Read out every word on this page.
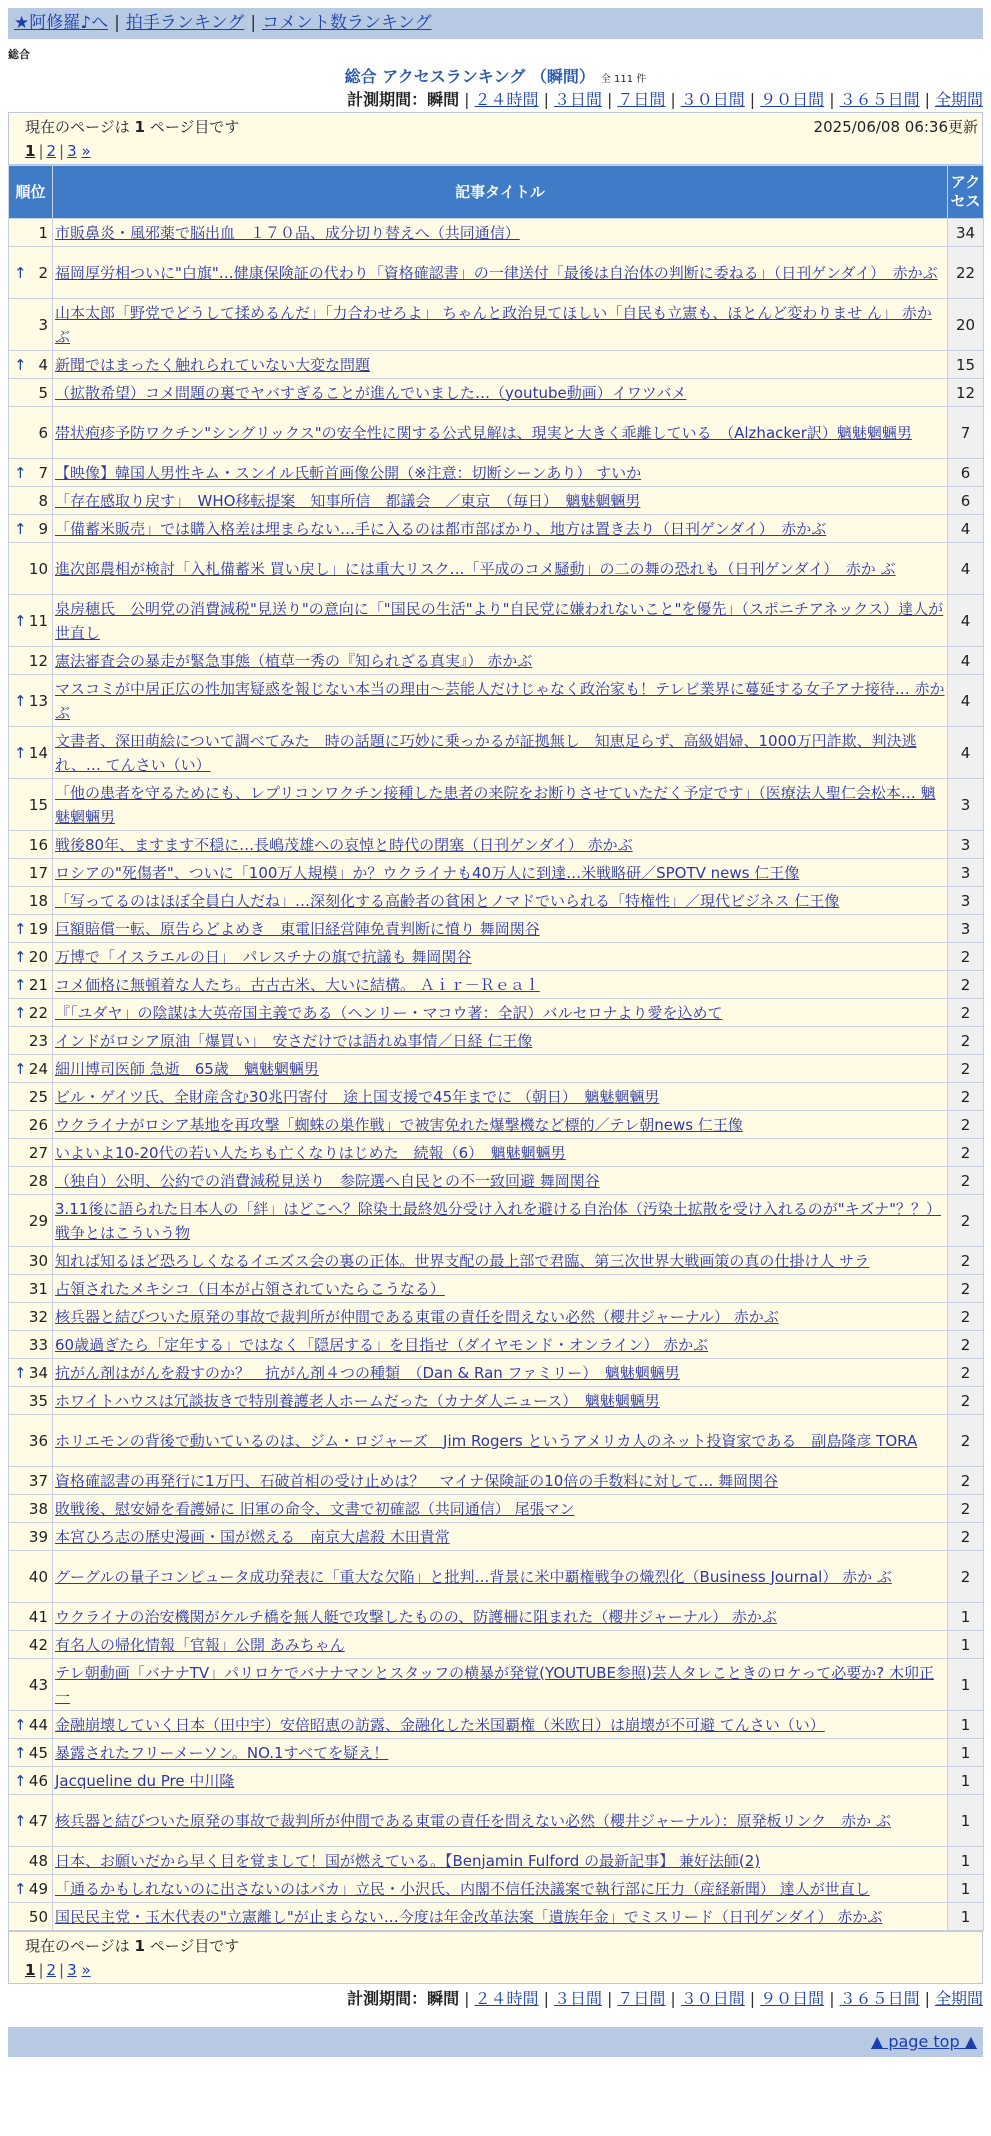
★阿修羅♪へ | 拍手ランキング | コメント数ランキング
総合
総合 アクセスランキング （瞬間） 全 111 件
計測期間：瞬間 | ２４時間 | ３日間 | ７日間 | ３０日間 | ９０日間 | ３６５日間 | 全期間
現在のページは 1 ページ目です	2025/06/08 06:36更新
1 | 2 | 3 »
順位	記事タイトル	アクセス
1	市販鼻炎・風邪薬で脳出血　１７０品、成分切り替えへ（共同通信）	34

↑ 2	福岡厚労相ついに"白旗"…健康保険証の代わり「資格確認書」の一律送付「最後は自治体の判断に委ねる」（日刊ゲンダイ）　赤かぶ	22
3	山本太郎「野党でどうして揉めるんだ」「力合わせろよ」 ちゃんと政治見てほしい「自民も立憲も、ほとんど変わりませ ん」 赤かぶ	20

↑ 4	新聞ではまったく触れられていない大変な問題	15
5	（拡散希望）コメ問題の裏でヤバすぎることが進んでいました…（youtube動画）イワツバメ	12
6	帯状疱疹予防ワクチン"シングリックス"の安全性に関する公式見解は、現実と大きく乖離している　（Alzhacker訳）魑魅魍魎男	7

↑ 7	【映像】韓国人男性キム・スンイル氏斬首画像公開（※注意：切断シーンあり） すいか	6
8	「存在感取り戻す」　WHO移転提案　知事所信　都議会　／東京　（毎日）　魑魅魍魎男	6

↑ 9	「備蓄米販売」では購入格差は埋まらない…手に入るのは都市部ばかり、地方は置き去り（日刊ゲンダイ）　赤かぶ	4
10	進次郎農相が検討「入札備蓄米 買い戻し」には重大リスク…「平成のコメ騒動」の二の舞の恐れも（日刊ゲンダイ）　赤か ぶ	4

↑ 11	泉房穂氏　公明党の消費減税"見送り"の意向に「"国民の生活"より"自民党に嫌われないこと"を優先」（スポニチアネックス）達人が世直し	4
12	憲法審査会の暴走が緊急事態（植草一秀の『知られざる真実』） 赤かぶ	4

↑ 13	マスコミが中居正広の性加害疑惑を報じない本当の理由～芸能人だけじゃなく政治家も！テレビ業界に蔓延する女子アナ接待… 赤かぶ	4

↑ 14	文書者、深田萌絵について調べてみた　時の話題に巧妙に乗っかるが証拠無し　知恵足らず、高級娼婦、1000万円詐欺、判決逃れ、… てんさい（い）	4
15	「他の患者を守るためにも、レプリコンワクチン接種した患者の来院をお断りさせていただく予定です」（医療法人聖仁会松本… 魑魅魍魎男	3
16	戦後80年、ますます不穏に…長嶋茂雄への哀悼と時代の閉塞（日刊ゲンダイ） 赤かぶ	3
17	ロシアの"死傷者"、ついに「100万人規模」か？ウクライナも40万人に到達…米戦略研／SPOTV news 仁王像	3
18	「写ってるのはほぼ全員白人だね」…深刻化する高齢者の貧困とノマドでいられる「特権性」／現代ビジネス 仁王像	3

↑ 19	巨額賠償一転、原告らどよめき　東電旧経営陣免責判断に憤り 舞岡関谷	3

↑ 20	万博で「イスラエルの日」　パレスチナの旗で抗議も 舞岡関谷	2

↑ 21	コメ価格に無頓着な人たち。古古古米、大いに結構。 Ａｉｒ－Ｒｅａｌ	2

↑ 22	『「ユダヤ」の陰謀は大英帝国主義である（ヘンリー・マコウ著：全訳）バルセロナより愛を込めて	2
23	インドがロシア原油「爆買い」　安さだけでは語れぬ事情／日経 仁王像	2

↑ 24	細川博司医師 急逝　65歳　魑魅魍魎男	2
25	ビル・ゲイツ氏、全財産含む30兆円寄付　途上国支援で45年までに （朝日）　魑魅魍魎男	2
26	ウクライナがロシア基地を再攻撃「蜘蛛の巣作戦」で被害免れた爆撃機など標的／テレ朝news 仁王像	2
27	いよいよ10-20代の若い人たちも亡くなりはじめた　続報（6）　魑魅魍魎男	2
28	（独自）公明、公約での消費減税見送り　参院選へ自民との不一致回避 舞岡関谷	2
29	3.11後に語られた日本人の「絆」はどこへ？除染土最終処分受け入れを避ける自治体（汚染土拡散を受け入れるのが"キズナ"？？）戦争とはこういう物	2
30	知れば知るほど恐ろしくなるイエズス会の裏の正体。世界支配の最上部で君臨、第三次世界大戦画策の真の仕掛け人 サラ	2
31	占領されたメキシコ（日本が占領されていたらこうなる）	2
32	核兵器と結びついた原発の事故で裁判所が仲間である東電の責任を問えない必然（櫻井ジャーナル） 赤かぶ	2
33	60歳過ぎたら「定年する」ではなく「隠居する」を目指せ（ダイヤモンド・オンライン） 赤かぶ	2

↑ 34	抗がん剤はがんを殺すのか？　抗がん剤４つの種類　（Dan & Ran ファミリー）　魑魅魍魎男	2
35	ホワイトハウスは冗談抜きで特別養護老人ホームだった（カナダ人ニュース）　魑魅魍魎男	2
36	ホリエモンの背後で動いているのは、ジム・ロジャーズ　Jim Rogers というアメリカ人のネット投資家である　副島隆彦 TORA	2
37	資格確認書の再発行に1万円、石破首相の受け止めは？　マイナ保険証の10倍の手数料に対して… 舞岡関谷	2
38	敗戦後、慰安婦を看護婦に 旧軍の命令、文書で初確認（共同通信） 尾張マン	2
39	本宮ひろ志の歴史漫画・国が燃える　南京大虐殺 木田貴常	2
40	グーグルの量子コンピュータ成功発表に「重大な欠陥」と批判…背景に米中覇権戦争の熾烈化（Business Journal） 赤か ぶ	2
41	ウクライナの治安機関がケルチ橋を無人艇で攻撃したものの、防護柵に阻まれた（櫻井ジャーナル） 赤かぶ	1
42	有名人の帰化情報「官報」公開 あみちゃん	1
43	テレ朝動画「バナナTV」パリロケでバナナマンとスタッフの横暴が発覚(YOUTUBE参照)芸人タレこときのロケって必要か? 木卯正一	1

↑ 44	金融崩壊していく日本（田中宇）安倍昭恵の訪露、金融化した米国覇権（米欧日）は崩壊が不可避 てんさい（い）	1

↑ 45	暴露されたフリーメーソン。NO.1すべてを疑え！	1

↑ 46	Jacqueline du Pre 中川隆	1

↑ 47	核兵器と結びついた原発の事故で裁判所が仲間である東電の責任を問えない必然（櫻井ジャーナル）：原発板リンク　赤か ぶ	1
48	日本、お願いだから早く目を覚まして！国が燃えている。【Benjamin Fulford の最新記事】 兼好法師(2)	1

↑ 49	「通るかもしれないのに出さないのはバカ」立民・小沢氏、内閣不信任決議案で執行部に圧力（産経新聞） 達人が世直し	1
50	国民民主党・玉木代表の"立憲離し"が止まらない…今度は年金改革法案「遺族年金」でミスリード（日刊ゲンダイ） 赤かぶ	1
現在のページは 1 ページ目です
1 | 2 | 3 »
計測期間：瞬間 | ２４時間 | ３日間 | ７日間 | ３０日間 | ９０日間 | ３６５日間 | 全期間
▲ page top ▲
